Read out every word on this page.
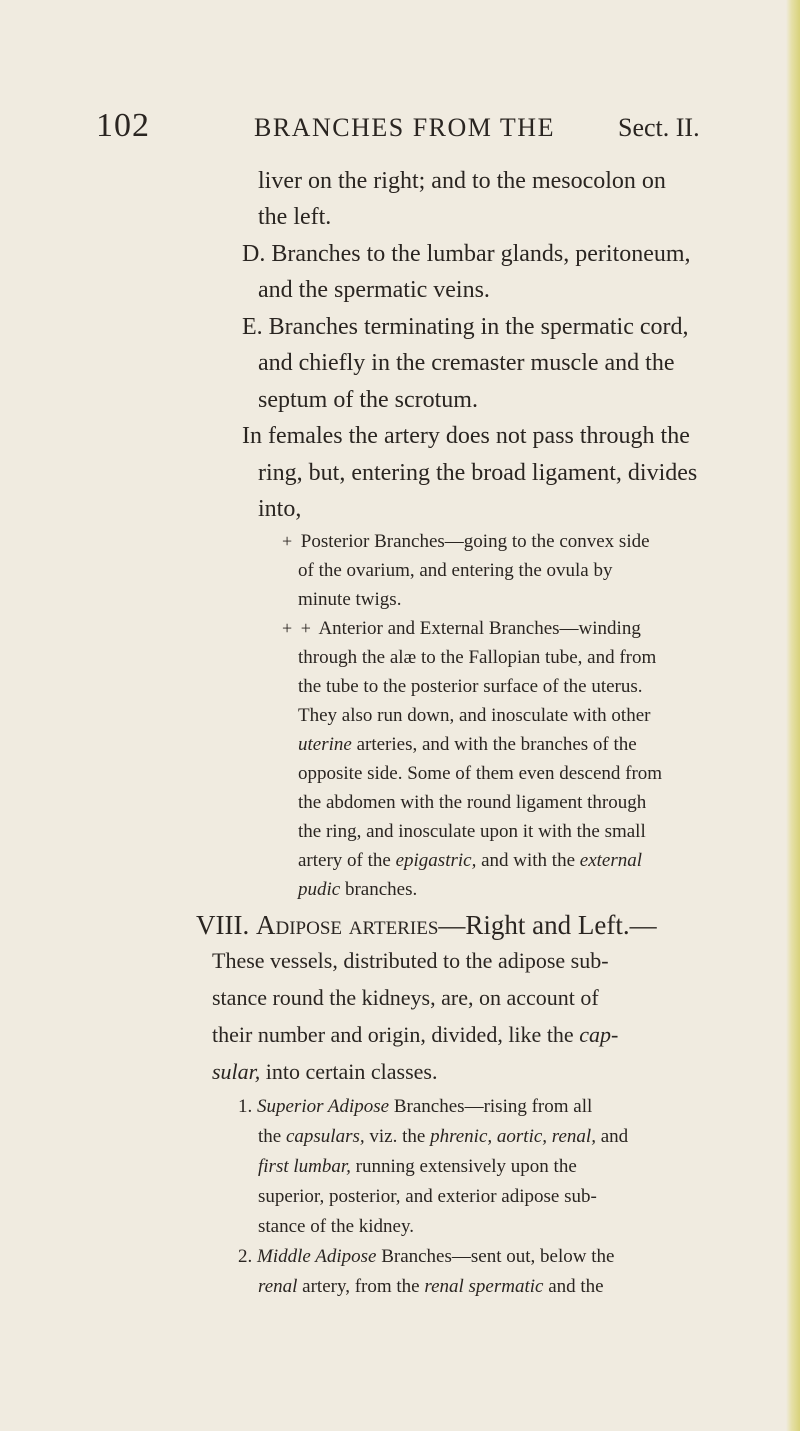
102	BRANCHES FROM THE Sect. II.
liver on the right; and to the mesocolon on
the left.
D. Branches to the lumbar glands, peritoneum,
and the spermatic veins.
E. Branches terminating in the spermatic cord,
and chiefly in the cremaster muscle and the
septum of the scrotum.
In females the artery does not pass through the
ring, but, entering the broad ligament, divides
into,
+ Posterior Branches—going to the convex side
of the ovarium, and entering the ovula by
minute twigs.
+ + Anterior and External Branches—winding
through the alæ to the Fallopian tube, and from
the tube to the posterior surface of the uterus.
They also run down, and inosculate with other
uterine arteries, and with the branches of the
opposite side. Some of them even descend from
the abdomen with the round ligament through
the ring, and inosculate upon it with the small
artery of the epigastric, and with the external
pudic branches.
VIII. Adipose arteries—Right and Left.—
These vessels, distributed to the adipose sub-
stance round the kidneys, are, on account of
their number and origin, divided, like the cap-
sular, into certain classes.
1. Superior Adipose Branches—rising from all
the capsulars, viz. the phrenic, aortic, renal, and
first lumbar, running extensively upon the
superior, posterior, and exterior adipose sub-
stance of the kidney.
2. Middle Adipose Branches—sent out, below the
renal artery, from the renal spermatic and the
